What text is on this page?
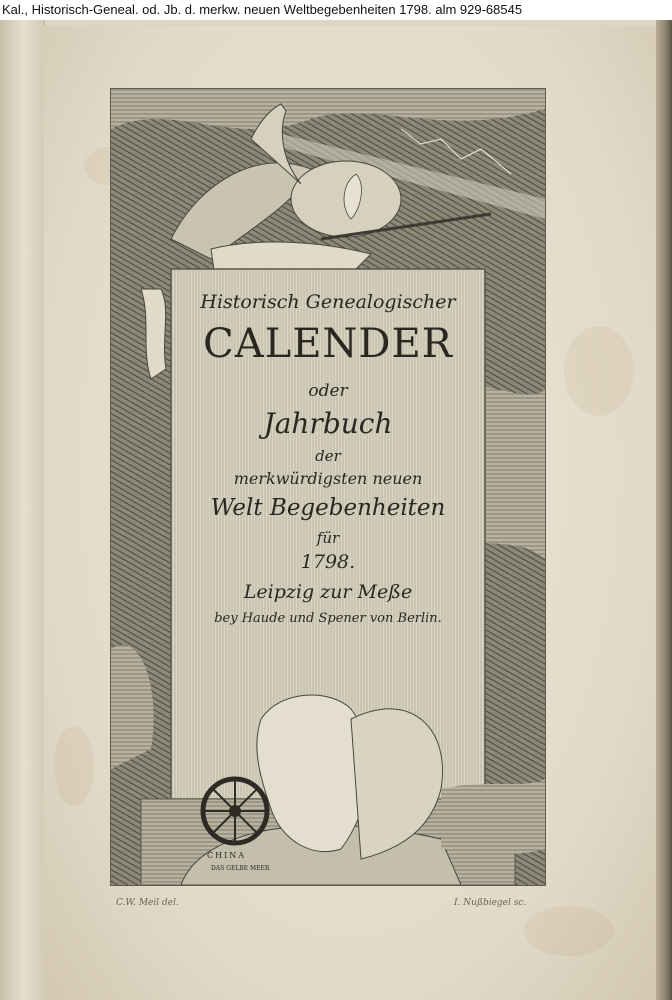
Kal., Historisch-Geneal. od. Jb. d. merkw. neuen Weltbegebenheiten 1798. alm 929-68545
Historisch Genealogischer
CALENDER
oder
Jahrbuch
der
merkwürdigsten neuen
Welt Begebenheiten
für
1798.
Leipzig zur Meße
bey Haude und Spener von Berlin.
CHINA
DAS GELBE MEER
C.W. Meil del.	I. Nußbiegel sc.
